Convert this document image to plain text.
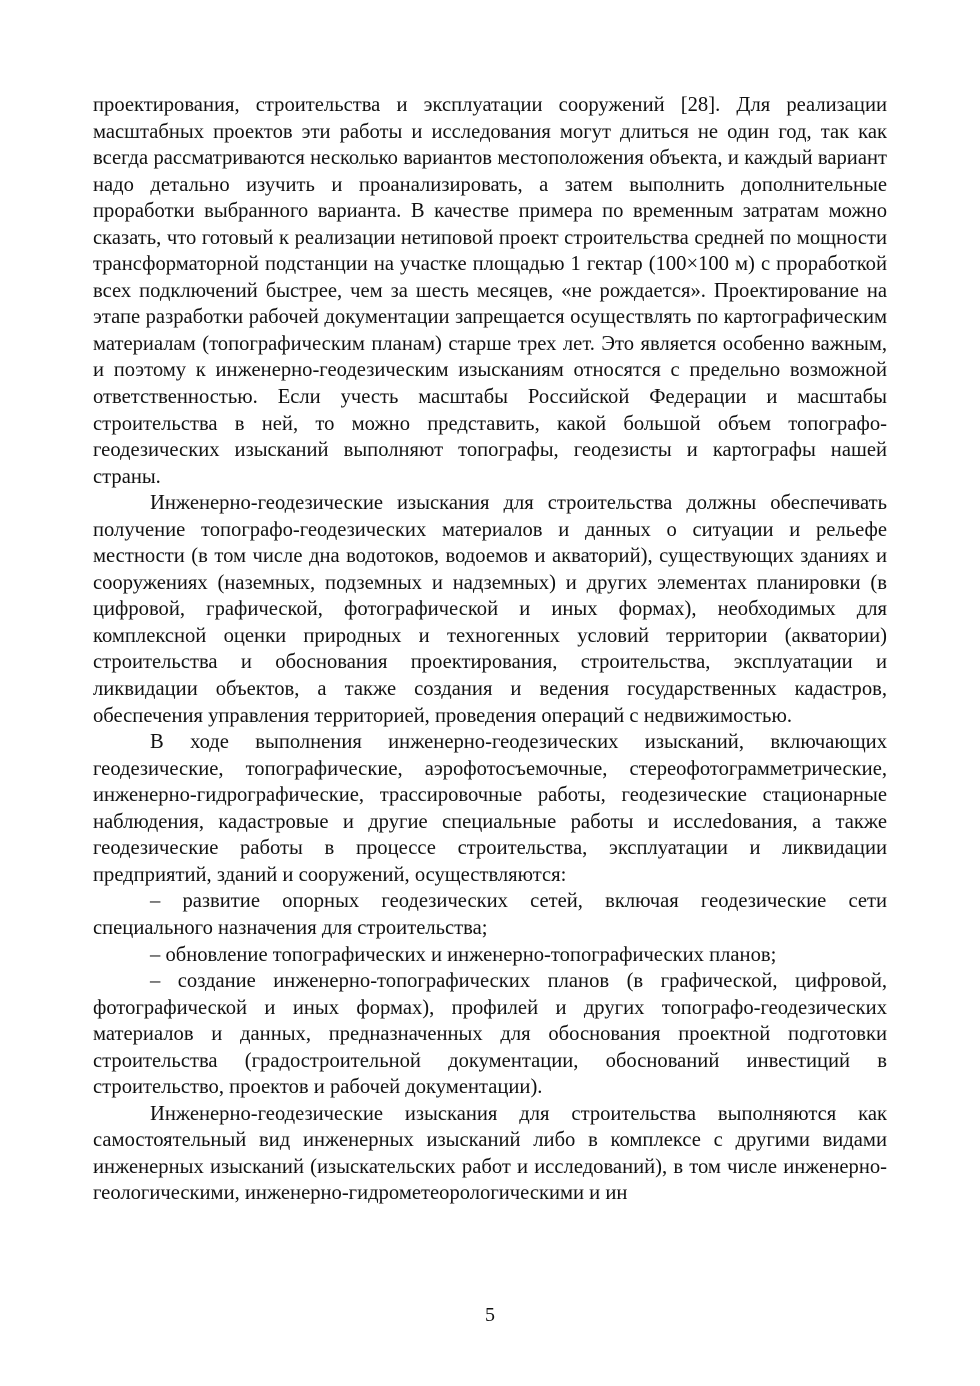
проектирования, строительства и эксплуатации сооружений [28]. Для реализации масштабных проектов эти работы и исследования могут длиться не один год, так как всегда рассматриваются несколько вариантов местоположения объекта, и каждый вариант надо детально изучить и проанализировать, а затем выполнить дополнительные проработки выбранного варианта. В качестве примера по временным затратам можно сказать, что готовый к реализации нетиповой проект строительства средней по мощности трансформаторной подстанции на участке площадью 1 гектар (100×100 м) с проработкой всех подключений быстрее, чем за шесть месяцев, «не рождается». Проектирование на этапе разработки рабочей документации запрещается осуществлять по картографическим материалам (топографическим планам) старше трех лет. Это является особенно важным, и поэтому к инженерно-геодезическим изысканиям относятся с предельно возможной ответственностью. Если учесть масштабы Российской Федерации и масштабы строительства в ней, то можно представить, какой большой объем топографо-геодезических изысканий выполняют топографы, геодезисты и картографы нашей страны.

Инженерно-геодезические изыскания для строительства должны обеспечивать получение топографо-геодезических материалов и данных о ситуации и рельефе местности (в том числе дна водотоков, водоемов и акваторий), существующих зданиях и сооружениях (наземных, подземных и надземных) и других элементах планировки (в цифровой, графической, фотографической и иных формах), необходимых для комплексной оценки природных и техногенных условий территории (акватории) строительства и обоснования проектирования, строительства, эксплуатации и ликвидации объектов, а также создания и ведения государственных кадастров, обеспечения управления территорией, проведения операций с недвижимостью.

В ходе выполнения инженерно-геодезических изысканий, включающих геодезические, топографические, аэрофотосъемочные, стереофотограмметрические, инженерно-гидрографические, трассировочные работы, геодезические стационарные наблюдения, кадастровые и другие специальные работы и исслеdования, а также геодезические работы в процессе строительства, эксплуатации и ликвидации предприятий, зданий и сооружений, осуществляются:

– развитие опорных геодезических сетей, включая геодезические сети специального назначения для строительства;

– обновление топографических и инженерно-топографических планов;

– создание инженерно-топографических планов (в графической, цифровой, фотографической и иных формах), профилей и других топографо-геодезических материалов и данных, предназначенных для обоснования проектной подготовки строительства (градостроительной документации, обоснований инвестиций в строительство, проектов и рабочей документации).

Инженерно-геодезические изыскания для строительства выполняются как самостоятельный вид инженерных изысканий либо в комплексе с другими видами инженерных изысканий (изыскательских работ и исследований), в том числе инженерно-геологическими, инженерно-гидрометеорологическими и ин

5
